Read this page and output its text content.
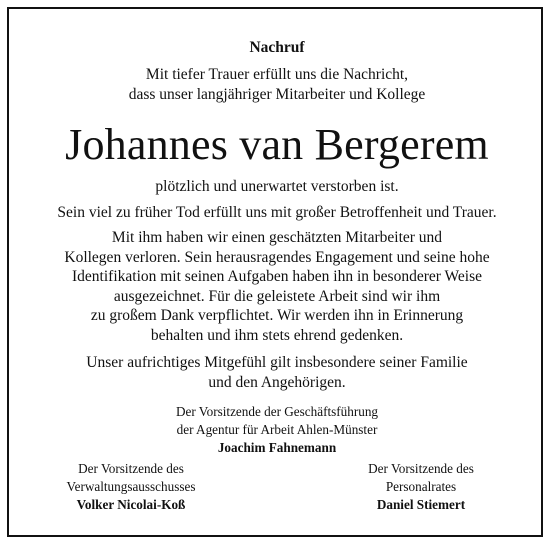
Nachruf
Mit tiefer Trauer erfüllt uns die Nachricht,
dass unser langjähriger Mitarbeiter und Kollege
Johannes van Bergerem
plötzlich und unerwartet verstorben ist.
Sein viel zu früher Tod erfüllt uns mit großer Betroffenheit und Trauer.
Mit ihm haben wir einen geschätzten Mitarbeiter und
Kollegen verloren. Sein herausragendes Engagement und seine hohe
Identifikation mit seinen Aufgaben haben ihn in besonderer Weise
ausgezeichnet. Für die geleistete Arbeit sind wir ihm
zu großem Dank verpflichtet. Wir werden ihn in Erinnerung
behalten und ihm stets ehrend gedenken.
Unser aufrichtiges Mitgefühl gilt insbesondere seiner Familie
und den Angehörigen.
Der Vorsitzende der Geschäftsführung
der Agentur für Arbeit Ahlen-Münster
Joachim Fahnemann
Der Vorsitzende des
Verwaltungsausschusses
Volker Nicolai-Koß
Der Vorsitzende des
Personalrates
Daniel Stiemert
